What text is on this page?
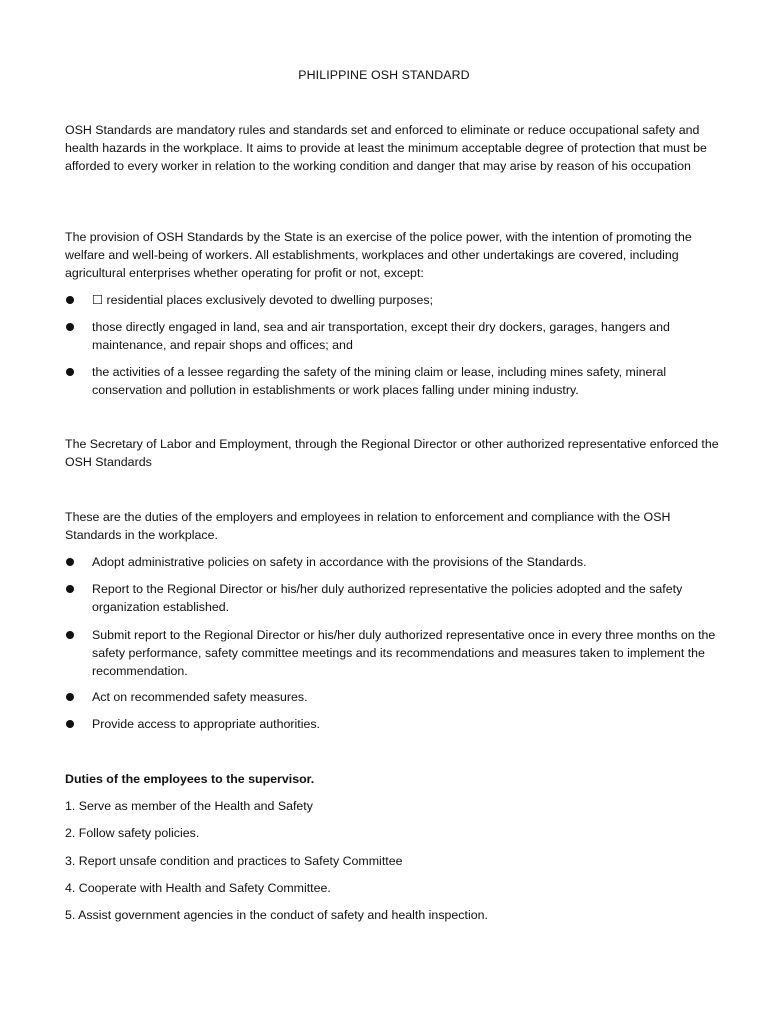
PHILIPPINE OSH STANDARD

OSH Standards are mandatory rules and standards set and enforced to eliminate or reduce occupational safety and health hazards in the workplace. It aims to provide at least the minimum acceptable degree of protection that must be afforded to every worker in relation to the working condition and danger that may arise by reason of his occupation

The provision of OSH Standards by the State is an exercise of the police power, with the intention of promoting the welfare and well-being of workers. All establishments, workplaces and other undertakings are covered, including agricultural enterprises whether operating for profit or not, except:

☐ residential places exclusively devoted to dwelling purposes;
those directly engaged in land, sea and air transportation, except their dry dockers, garages, hangers and maintenance, and repair shops and offices; and
the activities of a lessee regarding the safety of the mining claim or lease, including mines safety, mineral conservation and pollution in establishments or work places falling under mining industry.

The Secretary of Labor and Employment, through the Regional Director or other authorized representative enforced the OSH Standards

These are the duties of the employers and employees in relation to enforcement and compliance with the OSH Standards in the workplace.

Adopt administrative policies on safety in accordance with the provisions of the Standards.
Report to the Regional Director or his/her duly authorized representative the policies adopted and the safety organization established.
Submit report to the Regional Director or his/her duly authorized representative once in every three months on the safety performance, safety committee meetings and its recommendations and measures taken to implement the recommendation.
Act on recommended safety measures.
Provide access to appropriate authorities.

Duties of the employees to the supervisor.

1. Serve as member of the Health and Safety
2. Follow safety policies.
3. Report unsafe condition and practices to Safety Committee
4. Cooperate with Health and Safety Committee.
5. Assist government agencies in the conduct of safety and health inspection.
